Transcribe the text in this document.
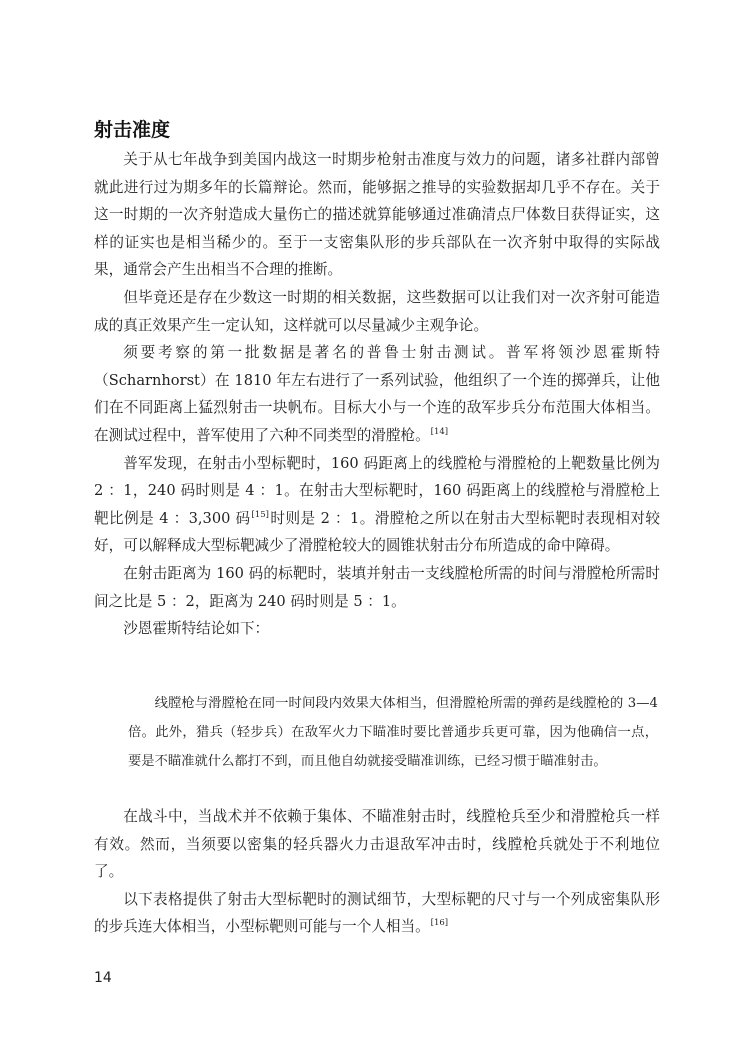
射击准度

关于从七年战争到美国内战这一时期步枪射击准度与效力的问题，诸多社群内部曾就此进行过为期多年的长篇辩论。然而，能够据之推导的实验数据却几乎不存在。关于这一时期的一次齐射造成大量伤亡的描述就算能够通过准确清点尸体数目获得证实，这样的证实也是相当稀少的。至于一支密集队形的步兵部队在一次齐射中取得的实际战果，通常会产生出相当不合理的推断。

但毕竟还是存在少数这一时期的相关数据，这些数据可以让我们对一次齐射可能造成的真正效果产生一定认知，这样就可以尽量减少主观争论。

须要考察的第一批数据是著名的普鲁士射击测试。普军将领沙恩霍斯特（Scharnhorst）在 1810 年左右进行了一系列试验，他组织了一个连的掷弹兵，让他们在不同距离上猛烈射击一块帆布。目标大小与一个连的敌军步兵分布范围大体相当。在测试过程中，普军使用了六种不同类型的滑膛枪。[14]

普军发现，在射击小型标靶时，160 码距离上的线膛枪与滑膛枪的上靶数量比例为 2 ：1，240 码时则是 4 ：1。在射击大型标靶时，160 码距离上的线膛枪与滑膛枪上靶比例是 4 ：3,300 码[15]时则是 2 ：1。滑膛枪之所以在射击大型标靶时表现相对较好，可以解释成大型标靶减少了滑膛枪较大的圆锥状射击分布所造成的命中障碍。

在射击距离为 160 码的标靶时，装填并射击一支线膛枪所需的时间与滑膛枪所需时间之比是 5 ：2，距离为 240 码时则是 5 ：1。

沙恩霍斯特结论如下：

线膛枪与滑膛枪在同一时间段内效果大体相当，但滑膛枪所需的弹药是线膛枪的 3—4 倍。此外，猎兵（轻步兵）在敌军火力下瞄准时要比普通步兵更可靠，因为他确信一点，要是不瞄准就什么都打不到，而且他自幼就接受瞄准训练，已经习惯于瞄准射击。

在战斗中，当战术并不依赖于集体、不瞄准射击时，线膛枪兵至少和滑膛枪兵一样有效。然而，当须要以密集的轻兵器火力击退敌军冲击时，线膛枪兵就处于不利地位了。

以下表格提供了射击大型标靶时的测试细节，大型标靶的尺寸与一个列成密集队形的步兵连大体相当，小型标靶则可能与一个人相当。[16]

14
